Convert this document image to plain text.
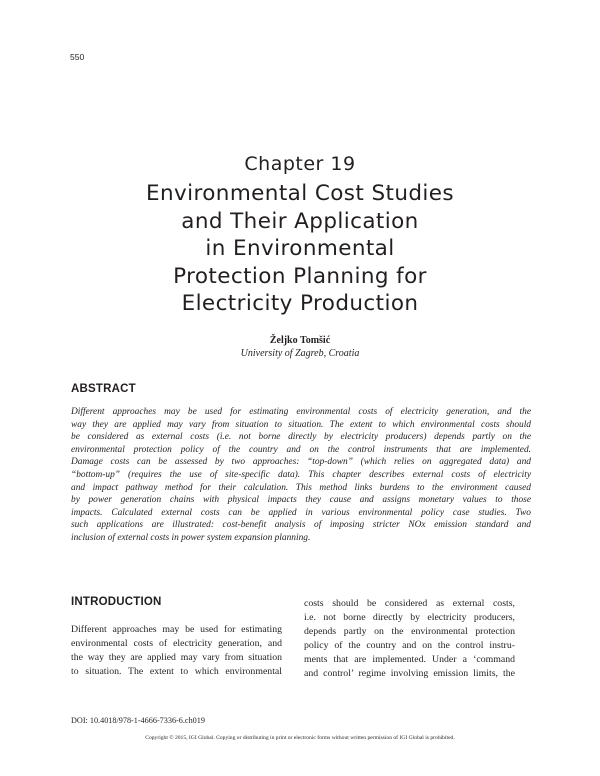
550
Chapter 19
Environmental Cost Studies
and Their Application
in Environmental
Protection Planning for
Electricity Production
Željko Tomšić
University of Zagreb, Croatia
ABSTRACT
Different approaches may be used for estimating environmental costs of electricity generation, and the
way they are applied may vary from situation to situation. The extent to which environmental costs should
be considered as external costs (i.e. not borne directly by electricity producers) depends partly on the
environmental protection policy of the country and on the control instruments that are implemented.
Damage costs can be assessed by two approaches: “top-down” (which relies on aggregated data) and
“bottom-up” (requires the use of site-specific data). This chapter describes external costs of electricity
and impact pathway method for their calculation. This method links burdens to the environment caused
by power generation chains with physical impacts they cause and assigns monetary values to those
impacts. Calculated external costs can be applied in various environmental policy case studies. Two
such applications are illustrated: cost-benefit analysis of imposing stricter NOx emission standard and
inclusion of external costs in power system expansion planning.
INTRODUCTION
Different approaches may be used for estimating
environmental costs of electricity generation, and
the way they are applied may vary from situation
to situation. The extent to which environmental
costs should be considered as external costs,
i.e. not borne directly by electricity producers,
depends partly on the environmental protection
policy of the country and on the control instru-
ments that are implemented. Under a ‘command
and control’ regime involving emission limits, the
DOI: 10.4018/978-1-4666-7336-6.ch019
Copyright © 2015, IGI Global. Copying or distributing in print or electronic forms without written permission of IGI Global is prohibited.
